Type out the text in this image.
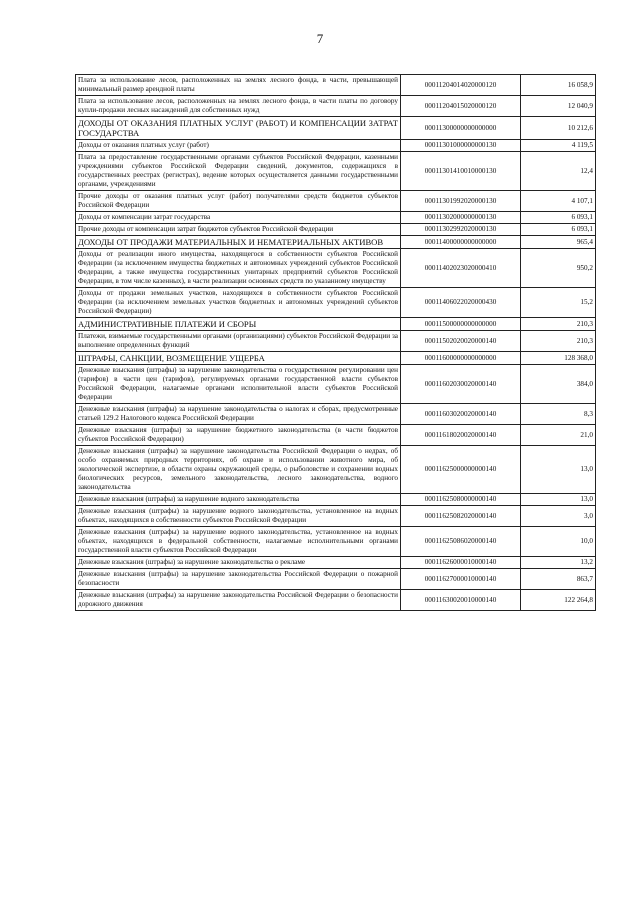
7
Плата за использование лесов, расположенных на землях лесного фонда, в части, превышающей минимальный размер арендной платы	00011204014020000120	16 058,9
Плата за использование лесов, расположенных на землях лесного фонда, в части платы по договору купли-продажи лесных насаждений для собственных нужд	00011204015020000120	12 040,9
ДОХОДЫ ОТ ОКАЗАНИЯ ПЛАТНЫХ УСЛУГ (РАБОТ) И КОМПЕНСАЦИИ ЗАТРАТ ГОСУДАРСТВА	00011300000000000000	10 212,6
Доходы от оказания платных услуг (работ)	00011301000000000130	4 119,5
Плата за предоставление государственными органами субъектов Российской Федерации, казенными учреждениями субъектов Российской Федерации сведений, документов, содержащихся в государственных реестрах (регистрах), ведение которых осуществляется данными государственными органами, учреждениями	00011301410010000130	12,4
Прочие доходы от оказания платных услуг (работ) получателями средств бюджетов субъектов Российской Федерации	00011301992020000130	4 107,1
Доходы от компенсации затрат государства	00011302000000000130	6 093,1
Прочие доходы от компенсации затрат бюджетов субъектов Российской Федерации	00011302992020000130	6 093,1
ДОХОДЫ ОТ ПРОДАЖИ МАТЕРИАЛЬНЫХ И НЕМАТЕРИАЛЬНЫХ АКТИВОВ	00011400000000000000	965,4
Доходы от реализации иного имущества, находящегося в собственности субъектов Российской Федерации (за исключением имущества бюджетных и автономных учреждений субъектов Российской Федерации, а также имущества государственных унитарных предприятий субъектов Российской Федерации, в том числе казенных), в части реализации основных средств по указанному имуществу	00011402023020000410	950,2
Доходы от продажи земельных участков, находящихся в собственности субъектов Российской Федерации (за исключением земельных участков бюджетных и автономных учреждений субъектов Российской Федерации)	00011406022020000430	15,2
АДМИНИСТРАТИВНЫЕ ПЛАТЕЖИ И СБОРЫ	00011500000000000000	210,3
Платежи, взимаемые государственными органами (организациями) субъектов Российской Федерации за выполнение определенных функций	00011502020020000140	210,3
ШТРАФЫ, САНКЦИИ, ВОЗМЕЩЕНИЕ УЩЕРБА	00011600000000000000	128 368,0
Денежные взыскания (штрафы) за нарушение законодательства о государственном регулировании цен (тарифов) в части цен (тарифов), регулируемых органами государственной власти субъектов Российской Федерации, налагаемые органами исполнительной власти субъектов Российской Федерации	00011602030020000140	384,0
Денежные взыскания (штрафы) за нарушение законодательства о налогах и сборах, предусмотренные статьей 129.2 Налогового кодекса Российской Федерации	00011603020020000140	8,3
Денежные взыскания (штрафы) за нарушение бюджетного законодательства (в части бюджетов субъектов Российской Федерации)	00011618020020000140	21,0
Денежные взыскания (штрафы) за нарушение законодательства Российской Федерации о недрах, об особо охраняемых природных территориях, об охране и использовании животного мира, об экологической экспертизе, в области охраны окружающей среды, о рыболовстве и сохранении водных биологических ресурсов, земельного законодательства, лесного законодательства, водного законодательства	00011625000000000140	13,0
Денежные взыскания (штрафы) за нарушение водного законодательства	00011625080000000140	13,0
Денежные взыскания (штрафы) за нарушение водного законодательства, установленное на водных объектах, находящихся в собственности субъектов Российской Федерации	00011625082020000140	3,0
Денежные взыскания (штрафы) за нарушение водного законодательства, установленное на водных объектах, находящихся в федеральной собственности, налагаемые исполнительными органами государственной власти субъектов Российской Федерации	00011625086020000140	10,0
Денежные взыскания (штрафы) за нарушение законодательства о рекламе	00011626000010000140	13,2
Денежные взыскания (штрафы) за нарушение законодательства Российской Федерации о пожарной безопасности	00011627000010000140	863,7
Денежные взыскания (штрафы) за нарушение законодательства Российской Федерации о безопасности дорожного движения	00011630020010000140	122 264,8
